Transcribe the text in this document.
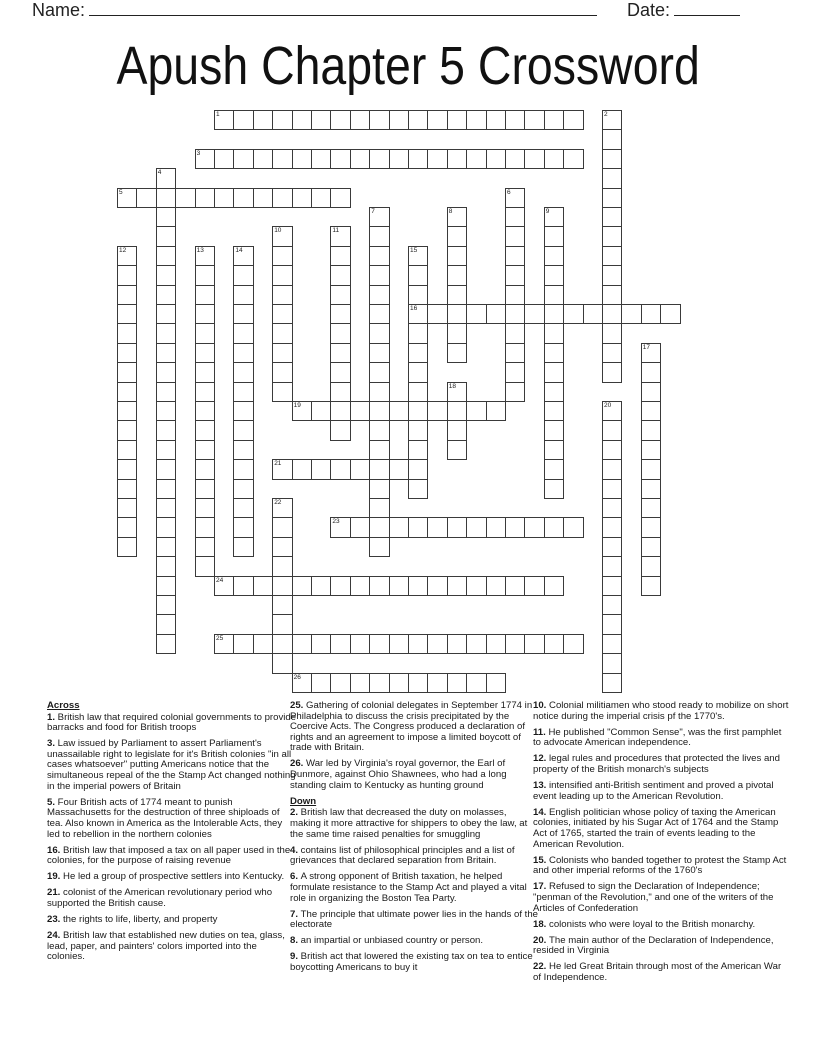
Name:	Date:
Apush Chapter 5 Crossword
1	2
3
4
5	6
7	8	9
10	11
12	13	14	15
16
17
18
19	20
21
22
23
24
25
26
Across
1. British law that required colonial governments to provide barracks and food for British troops
3. Law issued by Parliament to assert Parliament's unassailable right to legislate for it's British colonies "in all cases whatsoever" putting Americans notice that the simultaneous repeal of the the Stamp Act changed nothing in the imperial powers of Britain
5. Four British acts of 1774 meant to punish Massachusetts for the destruction of three shiploads of tea. Also known in America as the Intolerable Acts, they led to rebellion in the northern colonies
16. British law that imposed a tax on all paper used in the colonies, for the purpose of raising revenue
19. He led a group of prospective settlers into Kentucky.
21. colonist of the American revolutionary period who supported the British cause.
23. the rights to life, liberty, and property
24. British law that established new duties on tea, glass, lead, paper, and painters' colors imported into the colonies.
25. Gathering of colonial delegates in September 1774 in Philadelphia to discuss the crisis precipitated by the Coercive Acts. The Congress produced a declaration of rights and an agreement to impose a limited boycott of trade with Britain.
26. War led by Virginia's royal governor, the Earl of Dunmore, against Ohio Shawnees, who had a long standing claim to Kentucky as hunting ground
Down
2. British law that decreased the duty on molasses, making it more attractive for shippers to obey the law, at the same time raised penalties for smuggling
4. contains list of philosophical principles and a list of grievances that declared separation from Britain.
6. A strong opponent of British taxation, he helped formulate resistance to the Stamp Act and played a vital role in organizing the Boston Tea Party.
7. The principle that ultimate power lies in the hands of the electorate
8. an impartial or unbiased country or person.
9. British act that lowered the existing tax on tea to entice boycotting Americans to buy it
10. Colonial militiamen who stood ready to mobilize on short notice during the imperial crisis pf the 1770's.
11. He published "Common Sense", was the first pamphlet to advocate American independence.
12. legal rules and procedures that protected the lives and property of the British monarch's subjects
13. intensified anti-British sentiment and proved a pivotal event leading up to the American Revolution.
14. English politician whose policy of taxing the American colonies, initiated by his Sugar Act of 1764 and the Stamp Act of 1765, started the train of events leading to the American Revolution.
15. Colonists who banded together to protest the Stamp Act and other imperial reforms of the 1760's
17. Refused to sign the Declaration of Independence; "penman of the Revolution," and one of the writers of the Articles of Confederation
18. colonists who were loyal to the British monarchy.
20. The main author of the Declaration of Independence, resided in Virginia
22. He led Great Britain through most of the American War of Independence.
